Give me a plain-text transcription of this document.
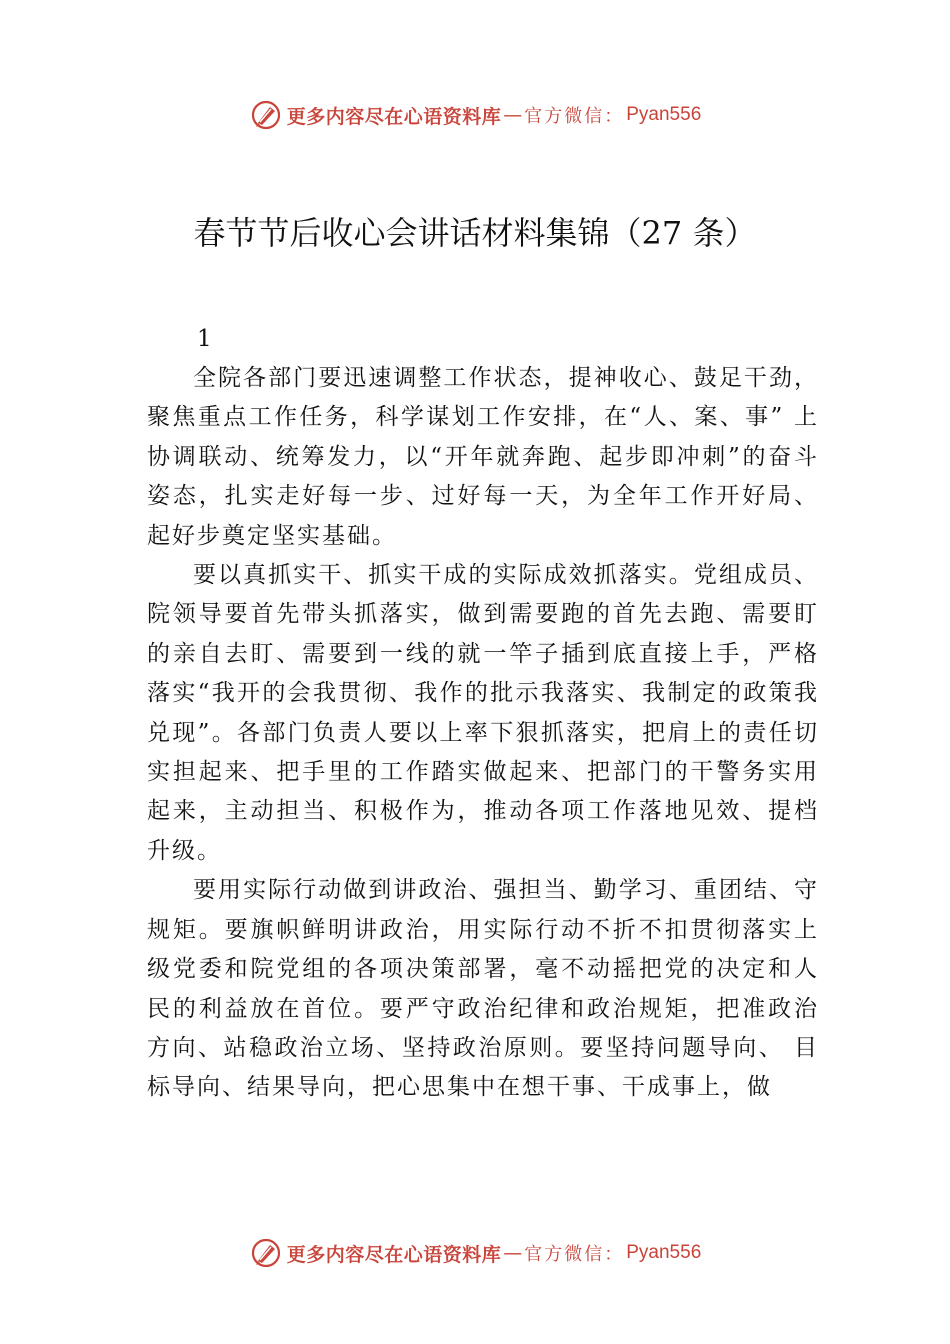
更多内容尽在心语资料库 — 官方微信： Pyan556
春节节后收心会讲话材料集锦（27 条）

1

全院各部门要迅速调整工作状态，提神收心、鼓足干劲，聚焦重点工作任务，科学谋划工作安排，在“人、案、事” 上协调联动、统筹发力，以“开年就奔跑、起步即冲刺”的奋斗姿态，扎实走好每一步、过好每一天，为全年工作开好局、起好步奠定坚实基础。

要以真抓实干、抓实干成的实际成效抓落实。党组成员、院领导要首先带头抓落实，做到需要跑的首先去跑、需要盯的亲自去盯、需要到一线的就一竿子插到底直接上手，严格落实“我开的会我贯彻、我作的批示我落实、我制定的政策我兑现”。各部门负责人要以上率下狠抓落实，把肩上的责任切实担起来、把手里的工作踏实做起来、把部门的干警务实用起来，主动担当、积极作为，推动各项工作落地见效、提档升级。

要用实际行动做到讲政治、强担当、勤学习、重团结、守规矩。要旗帜鲜明讲政治，用实际行动不折不扣贯彻落实上级党委和院党组的各项决策部署，毫不动摇把党的决定和人民的利益放在首位。要严守政治纪律和政治规矩，把准政治方向、站稳政治立场、坚持政治原则。要坚持问题导向、 目标导向、结果导向，把心思集中在想干事、干成事上，做

更多内容尽在心语资料库 — 官方微信： Pyan556
